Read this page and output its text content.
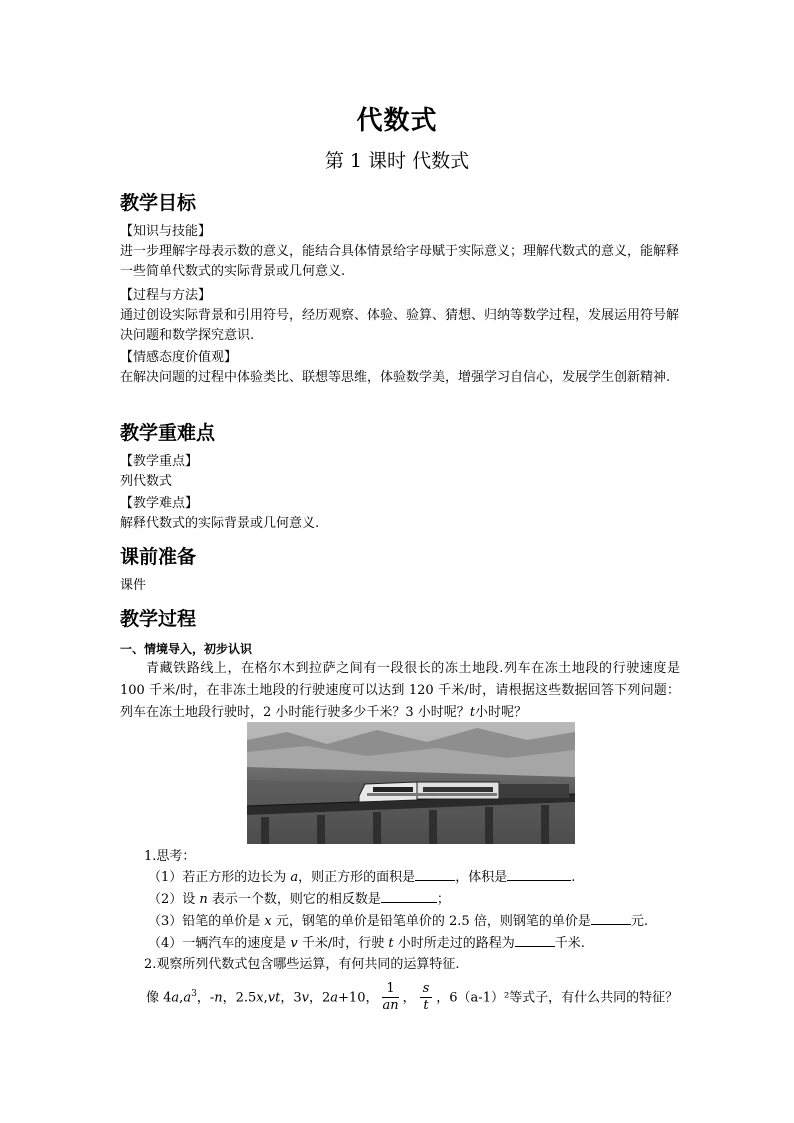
代数式
第 1 课时 代数式
教学目标
【知识与技能】
进一步理解字母表示数的意义，能结合具体情景给字母赋于实际意义；理解代数式的意义，能解释一些简单代数式的实际背景或几何意义.
【过程与方法】
通过创设实际背景和引用符号，经历观察、体验、验算、猜想、归纳等数学过程，发展运用符号解决问题和数学探究意识.
【情感态度价值观】
在解决问题的过程中体验类比、联想等思维，体验数学美，增强学习自信心，发展学生创新精神.
教学重难点
【教学重点】
列代数式
【教学难点】
解释代数式的实际背景或几何意义.
课前准备
课件
教学过程
一、情境导入，初步认识
青藏铁路线上，在格尔木到拉萨之间有一段很长的冻土地段.列车在冻土地段的行驶速度是 100 千米/时，在非冻土地段的行驶速度可以达到 120 千米/时，请根据这些数据回答下列问题：列车在冻土地段行驶时，2 小时能行驶多少千米？3 小时呢？t小时呢？
1.思考：
（1）若正方形的边长为 a，则正方形的面积是	，体积是	.
（2）设 n 表示一个数，则它的相反数是	；
（3）铅笔的单价是 x 元，钢笔的单价是铅笔单价的 2.5 倍，则钢笔的单价是	元.
（4）一辆汽车的速度是 v 千米/时，行驶 t 小时所走过的路程为	千米.
2.观察所列代数式包含哪些运算，有何共同的运算特征.
像 $4a,a^3$，-n，2.5x,vt，3v，2a+10， $\frac{1}{an}$ ， $\frac{s}{t}$ ，6（a-1）²等式子，有什么共同的特征？
